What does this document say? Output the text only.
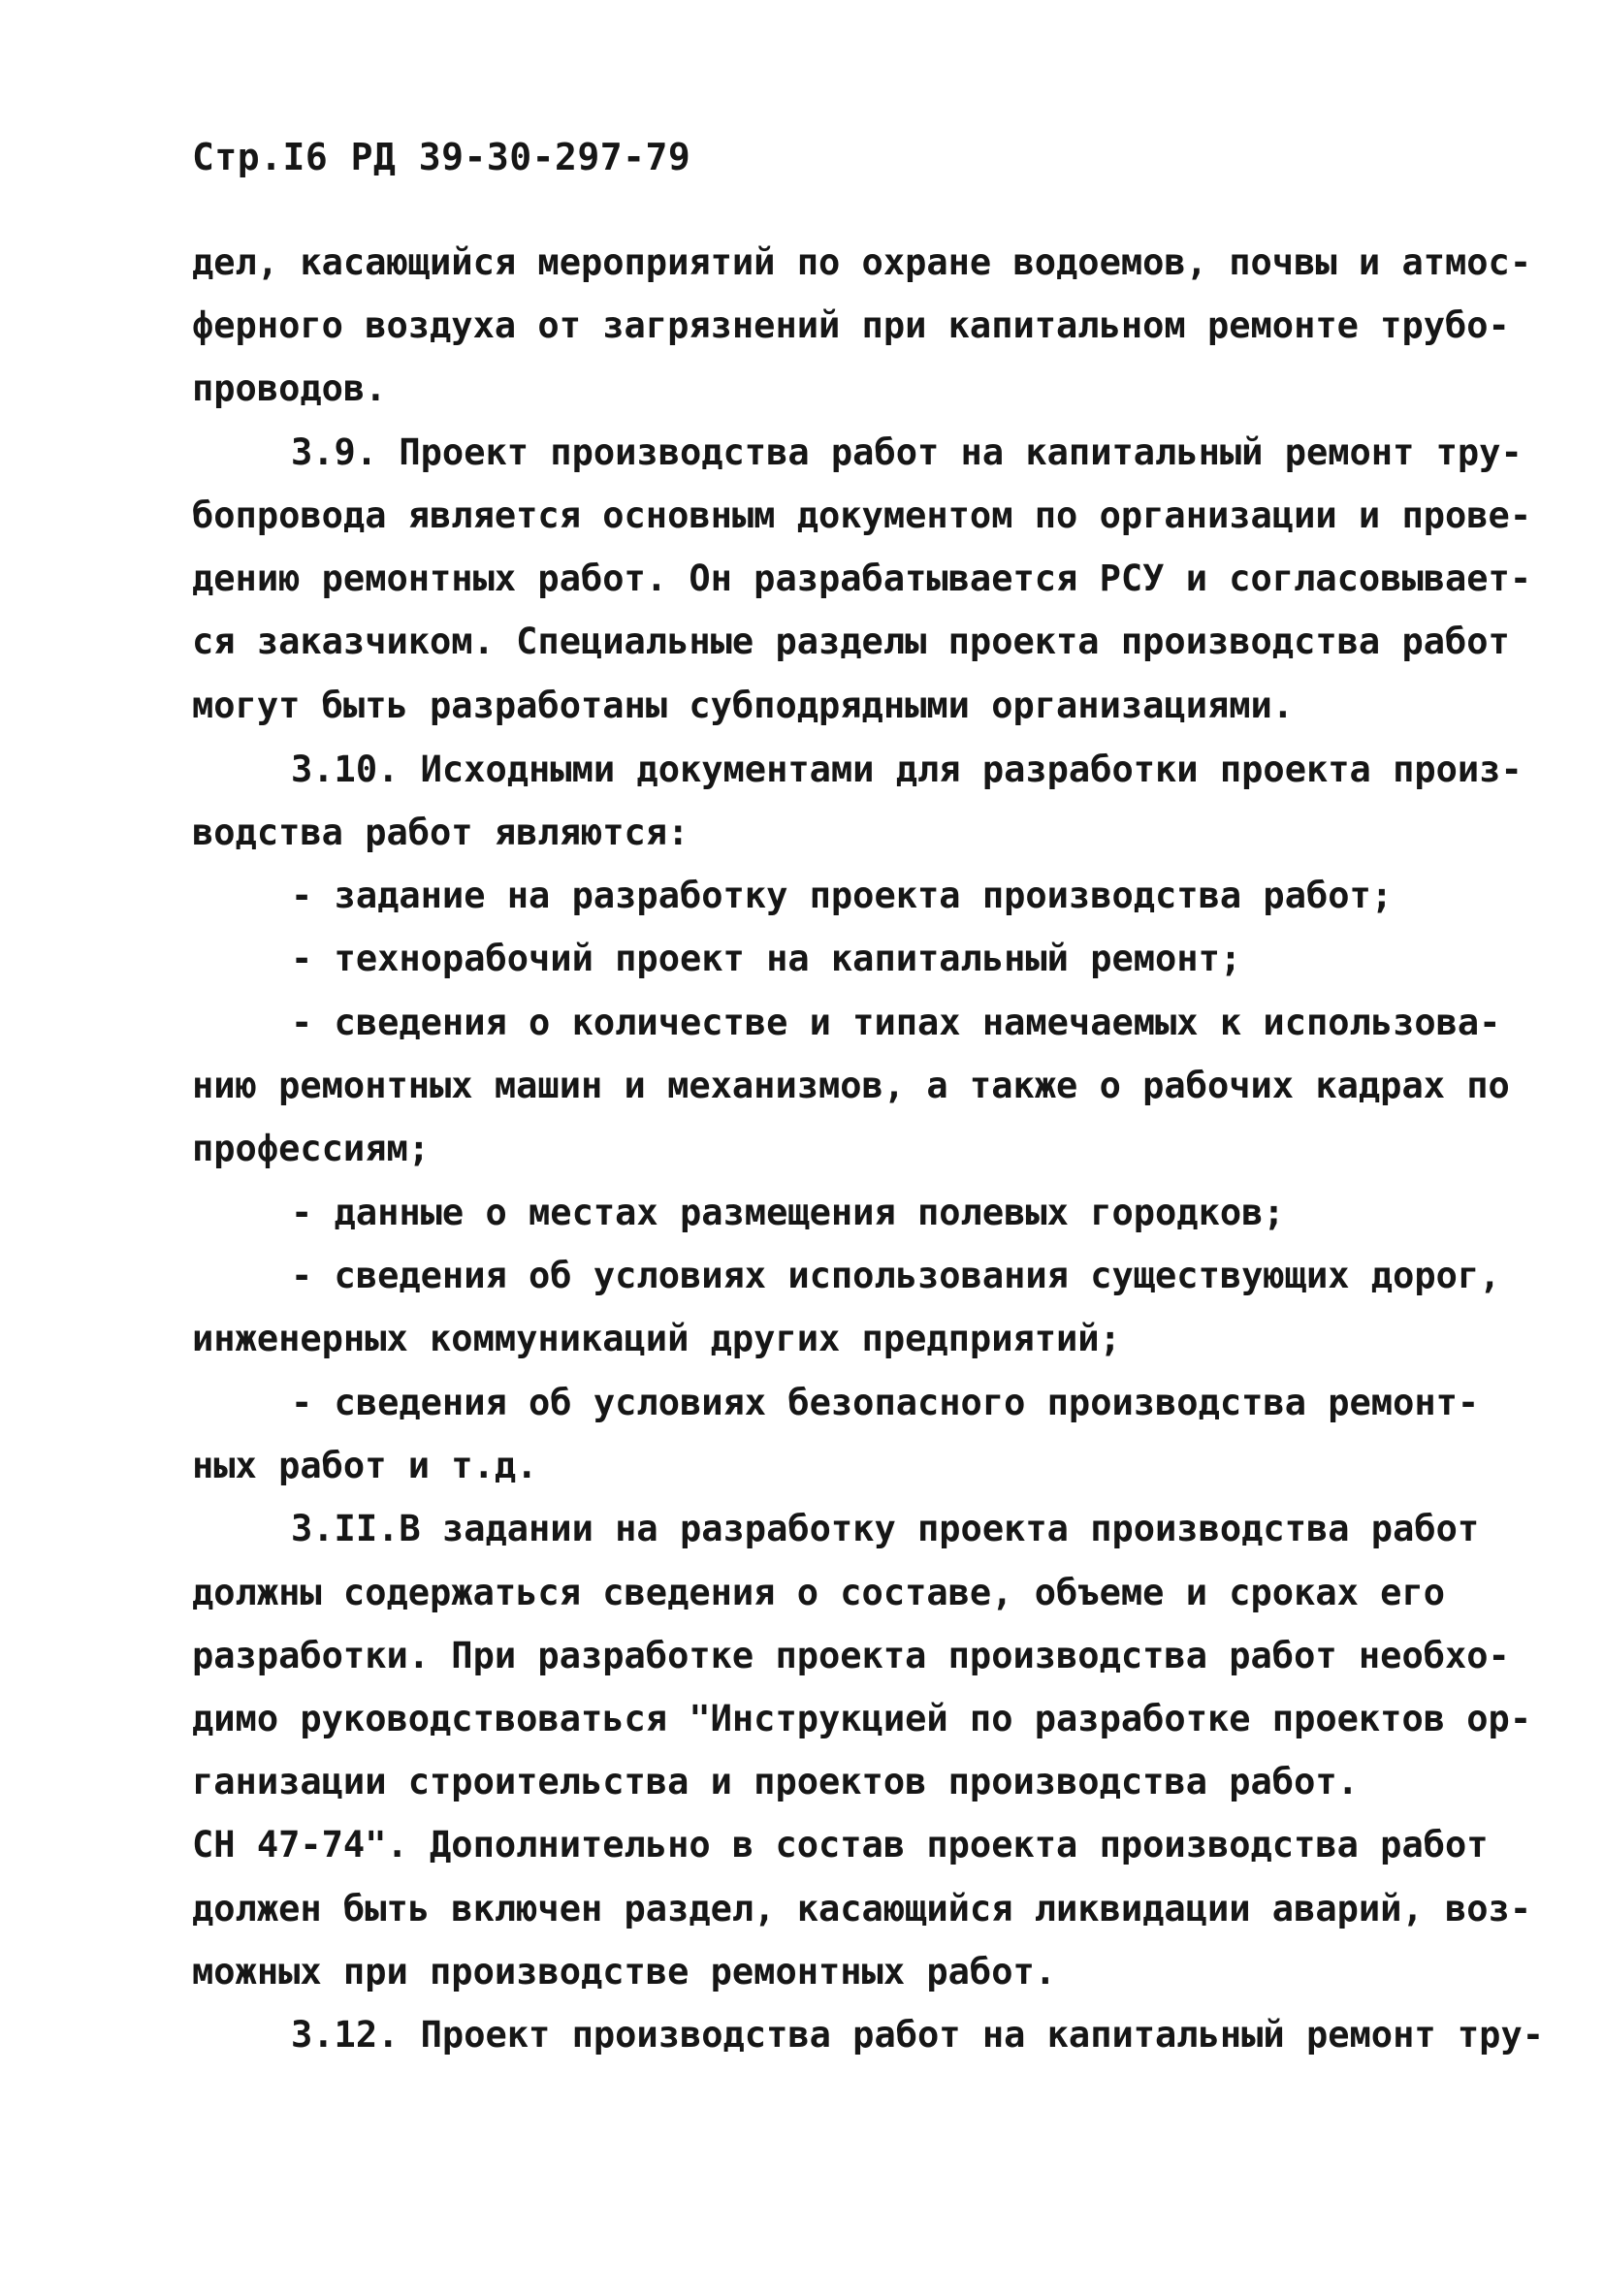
Стр.I6 РД 39-30-297-79
дел, касающийся мероприятий по охране водоемов, почвы и атмос-
ферного воздуха от загрязнений при капитальном ремонте трубо-
проводов.
3.9. Проект производства работ на капитальный ремонт тру-
бопровода является основным документом по организации и прове-
дению ремонтных работ. Он разрабатывается РСУ и согласовывает-
ся заказчиком. Специальные разделы проекта производства работ
могут быть разработаны субподрядными организациями.
3.10. Исходными документами для разработки проекта произ-
водства работ являются:
- задание на разработку проекта производства работ;
- технорабочий проект на капитальный ремонт;
- сведения о количестве и типах намечаемых к использова-
нию ремонтных машин и механизмов, а также о рабочих кадрах по
профессиям;
- данные о местах размещения полевых городков;
- сведения об условиях использования существующих дорог,
инженерных коммуникаций других предприятий;
- сведения об условиях безопасного производства ремонт-
ных работ и т.д.
3.II.В задании на разработку проекта производства работ
должны содержаться сведения о составе, объеме и сроках его
разработки. При разработке проекта производства работ необхо-
димо руководствоваться "Инструкцией по разработке проектов ор-
ганизации строительства и проектов производства работ.
СН 47-74". Дополнительно в состав проекта производства работ
должен быть включен раздел, касающийся ликвидации аварий, воз-
можных при производстве ремонтных работ.
3.12. Проект производства работ на капитальный ремонт тру-
